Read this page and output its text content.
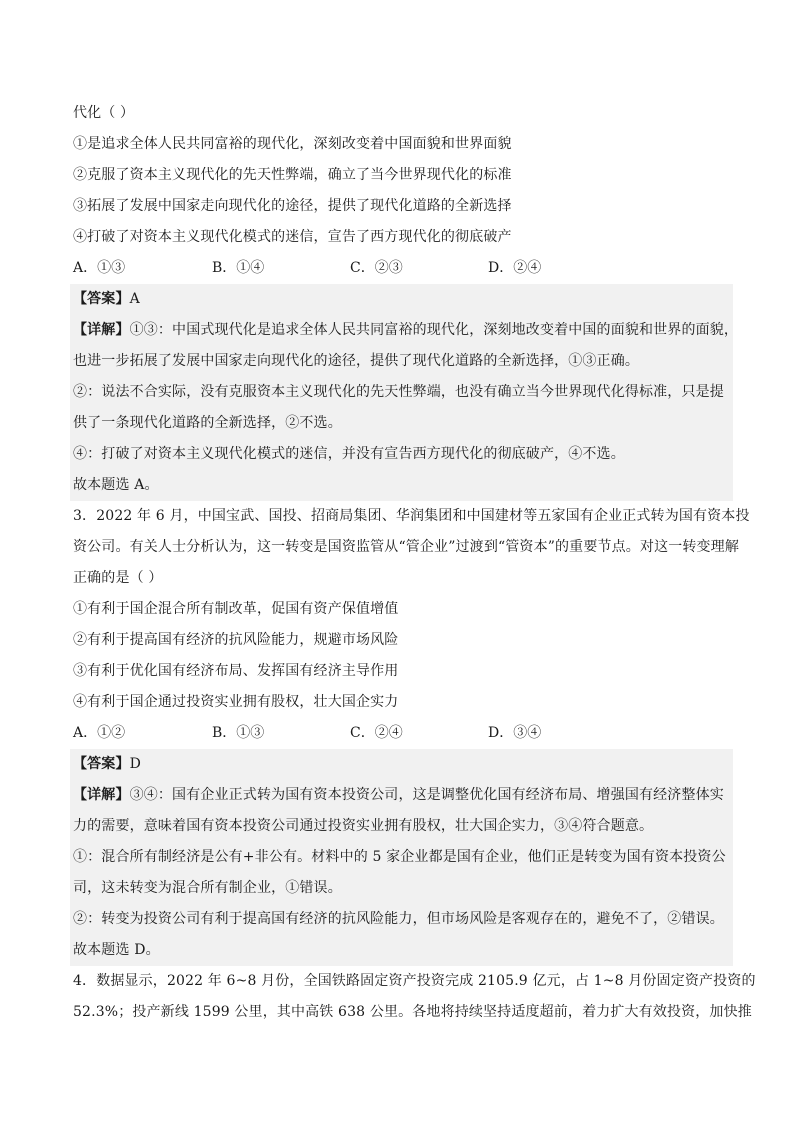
代化（ ）
①是追求全体人民共同富裕的现代化，深刻改变着中国面貌和世界面貌
②克服了资本主义现代化的先天性弊端，确立了当今世界现代化的标准
③拓展了发展中国家走向现代化的途径，提供了现代化道路的全新选择
④打破了对资本主义现代化模式的迷信，宣告了西方现代化的彻底破产
A．①③	B．①④	C．②③	D．②④
【答案】A
【详解】①③：中国式现代化是追求全体人民共同富裕的现代化，深刻地改变着中国的面貌和世界的面貌，
也进一步拓展了发展中国家走向现代化的途径，提供了现代化道路的全新选择，①③正确。
②：说法不合实际，没有克服资本主义现代化的先天性弊端，也没有确立当今世界现代化得标准，只是提
供了一条现代化道路的全新选择，②不选。
④：打破了对资本主义现代化模式的迷信，并没有宣告西方现代化的彻底破产，④不选。
故本题选 A。
3．2022 年 6 月，中国宝武、国投、招商局集团、华润集团和中国建材等五家国有企业正式转为国有资本投
资公司。有关人士分析认为，这一转变是国资监管从“管企业”过渡到“管资本”的重要节点。对这一转变理解
正确的是（ ）
①有利于国企混合所有制改革，促国有资产保值增值
②有利于提高国有经济的抗风险能力，规避市场风险
③有利于优化国有经济布局、发挥国有经济主导作用
④有利于国企通过投资实业拥有股权，壮大国企实力
A．①②	B．①③	C．②④	D．③④
【答案】D
【详解】③④：国有企业正式转为国有资本投资公司，这是调整优化国有经济布局、增强国有经济整体实
力的需要，意味着国有资本投资公司通过投资实业拥有股权，壮大国企实力，③④符合题意。
①：混合所有制经济是公有+非公有。材料中的 5 家企业都是国有企业，他们正是转变为国有资本投资公
司，这未转变为混合所有制企业，①错误。
②：转变为投资公司有利于提高国有经济的抗风险能力，但市场风险是客观存在的，避免不了，②错误。
故本题选 D。
4．数据显示，2022 年 6~8 月份，全国铁路固定资产投资完成 2105.9 亿元，占 1~8 月份固定资产投资的
52.3%；投产新线 1599 公里，其中高铁 638 公里。各地将持续坚持适度超前，着力扩大有效投资，加快推
